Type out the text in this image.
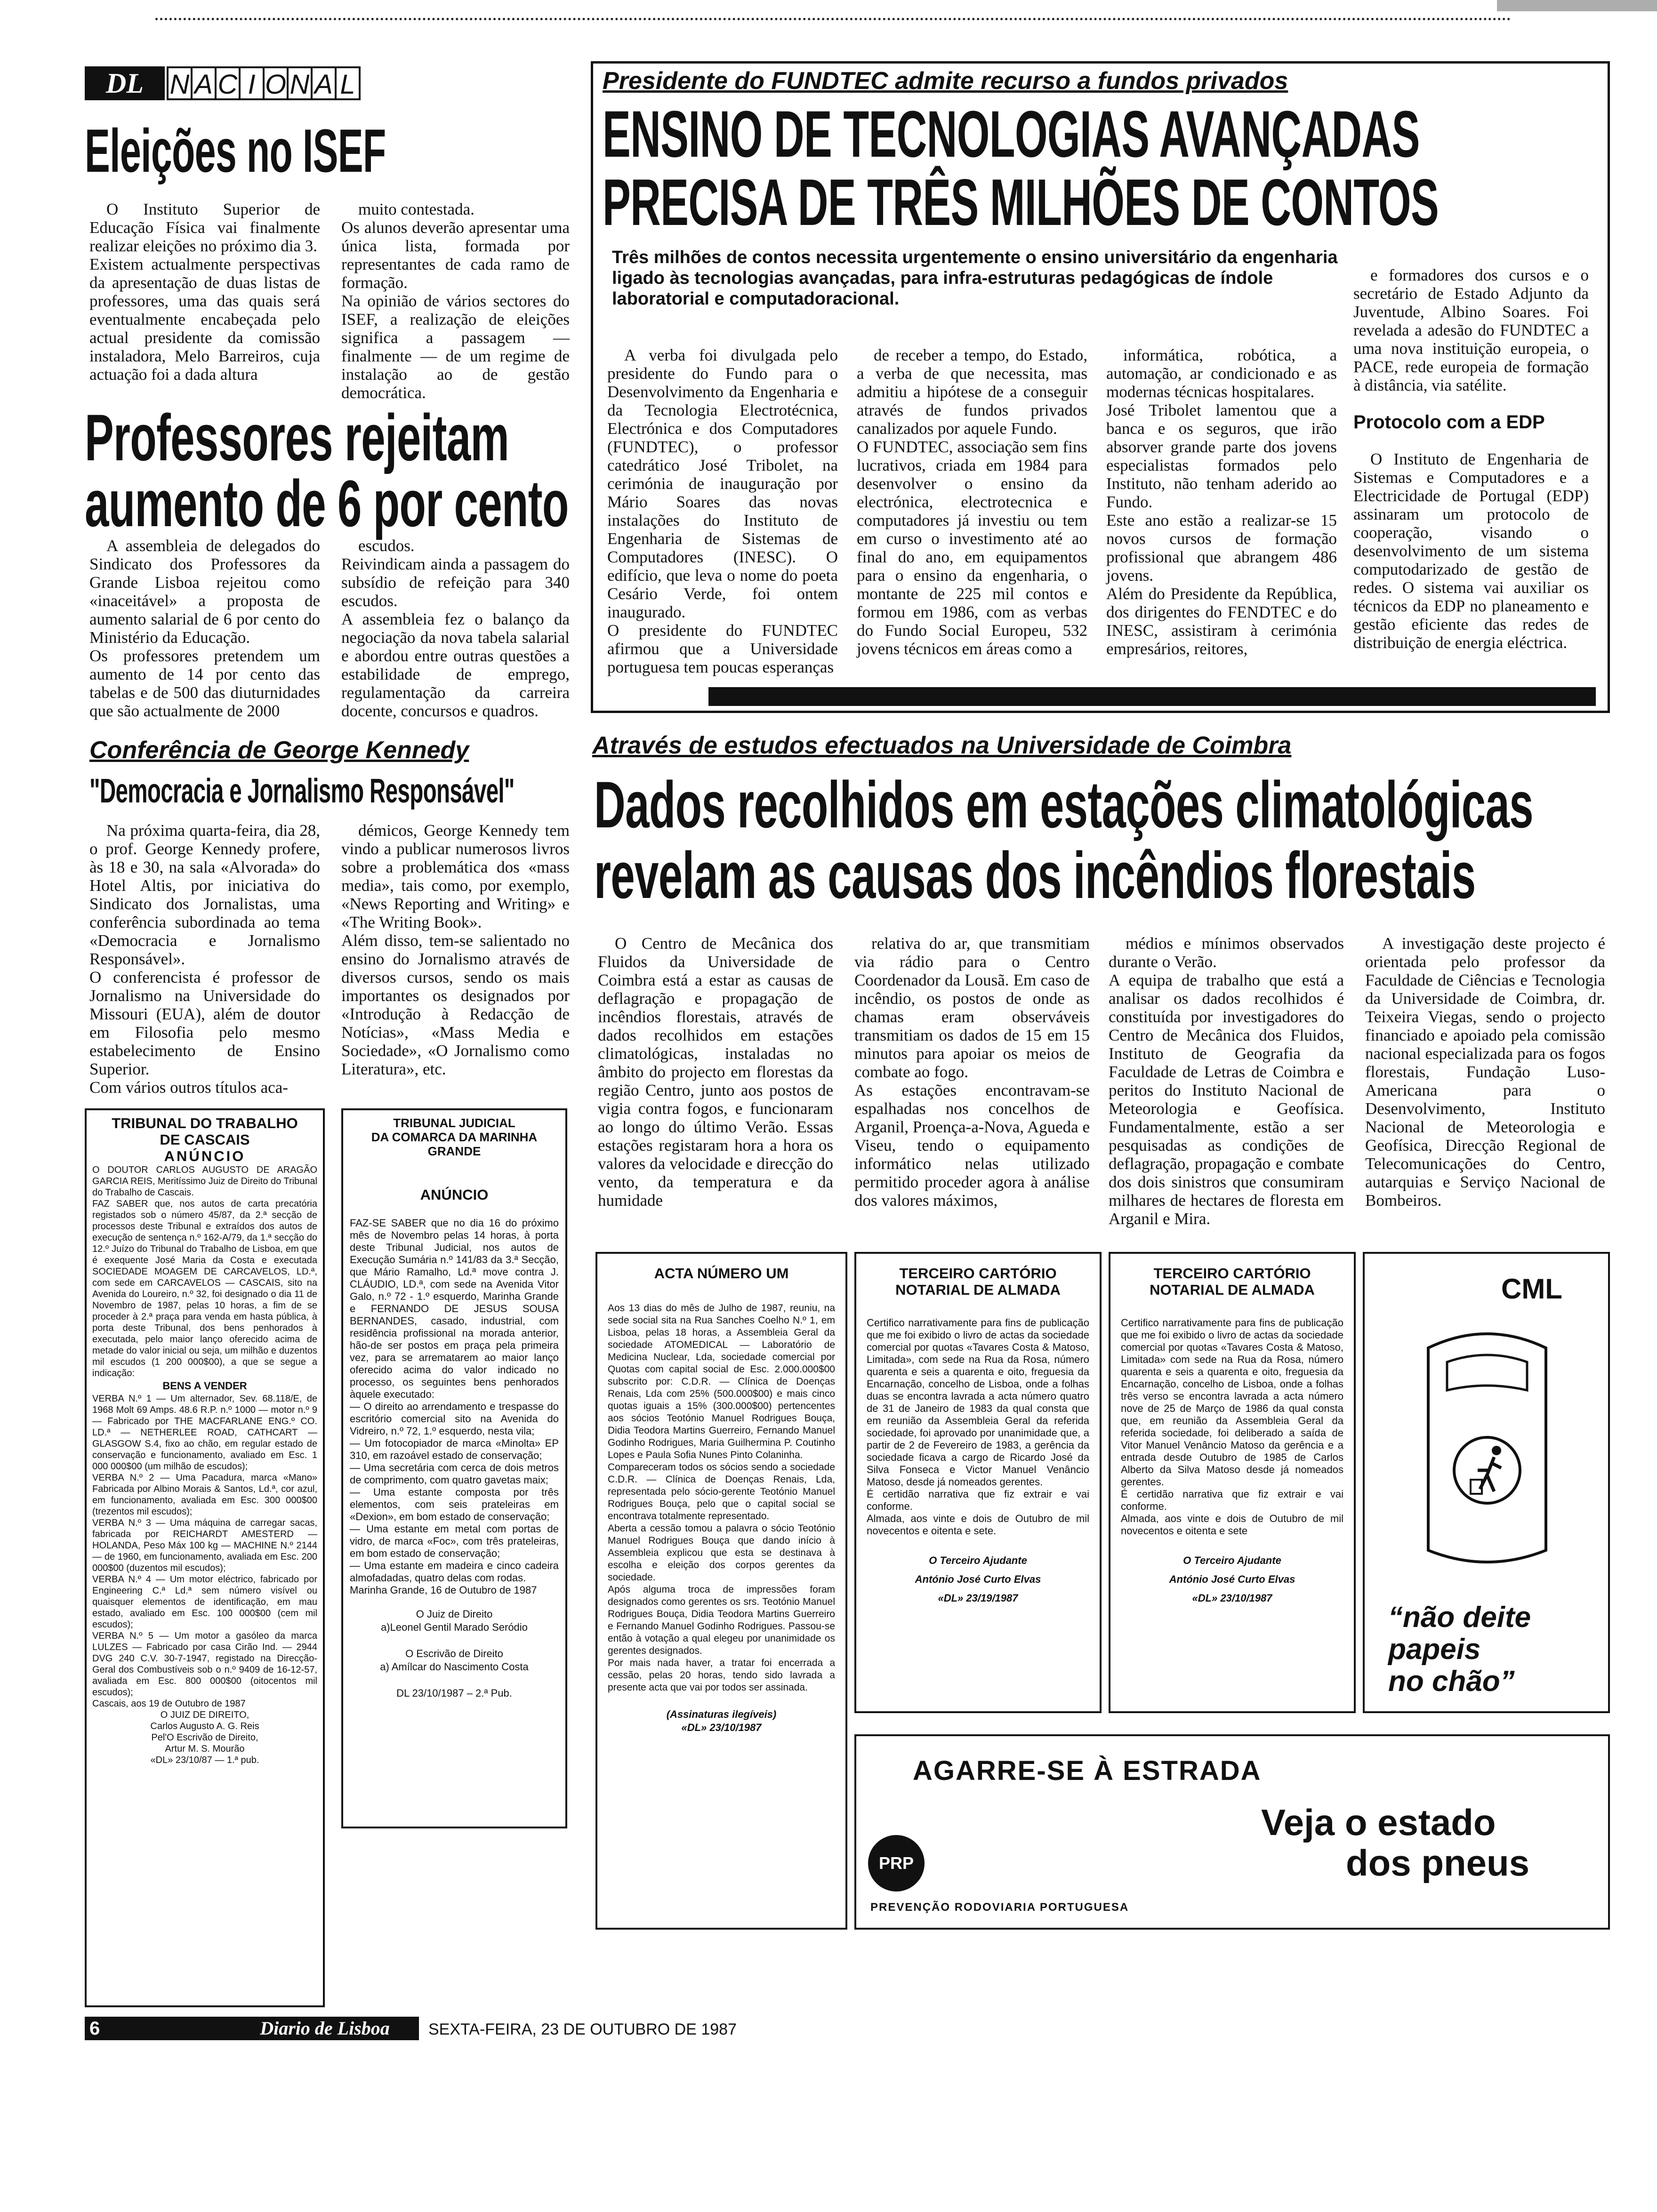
DL N A C I O N A L
Eleições no ISEF

O Instituto Superior de Educação Física vai finalmente realizar eleições no próximo dia 3.
Existem actualmente perspectivas da apresentação de duas listas de professores, uma das quais será eventualmente encabeçada pelo actual presidente da comissão instaladora, Melo Barreiros, cuja actuação foi a dada altura

muito contestada.
Os alunos deverão apresentar uma única lista, formada por representantes de cada ramo de formação.
Na opinião de vários sectores do ISEF, a realização de eleições significa a passagem — finalmente — de um regime de instalação ao de gestão democrática.

Professores rejeitam
aumento de 6 por cento

A assembleia de delegados do Sindicato dos Professores da Grande Lisboa rejeitou como «inaceitável» a proposta de aumento salarial de 6 por cento do Ministério da Educação.
Os professores pretendem um aumento de 14 por cento das tabelas e de 500 das diuturnidades que são actualmente de 2000

escudos.
Reivindicam ainda a passagem do subsídio de refeição para 340 escudos.
A assembleia fez o balanço da negociação da nova tabela salarial e abordou entre outras questões a estabilidade de emprego, regulamentação da carreira docente, concursos e quadros.

Conferência de George Kennedy
"Democracia e Jornalismo Responsável"

Na próxima quarta-feira, dia 28, o prof. George Kennedy profere, às 18 e 30, na sala «Alvorada» do Hotel Altis, por iniciativa do Sindicato dos Jornalistas, uma conferência subordinada ao tema «Democracia e Jornalismo Responsável».
O conferencista é professor de Jornalismo na Universidade do Missouri (EUA), além de doutor em Filosofia pelo mesmo estabelecimento de Ensino Superior.
Com vários outros títulos aca-

démicos, George Kennedy tem vindo a publicar numerosos livros sobre a problemática dos «mass media», tais como, por exemplo, «News Reporting and Writing» e «The Writing Book».
Além disso, tem-se salientado no ensino do Jornalismo através de diversos cursos, sendo os mais importantes os designados por «Introdução à Redacção de Notícias», «Mass Media e Sociedade», «O Jornalismo como Literatura», etc.

Presidente do FUNDTEC admite recurso a fundos privados
ENSINO DE TECNOLOGIAS AVANÇADAS
PRECISA DE TRÊS MILHÕES DE CONTOS
Três milhões de contos necessita urgentemente o ensino universitário da engenharia ligado às tecnologias avançadas, para infra-estruturas pedagógicas de índole laboratorial e computadoracional.

A verba foi divulgada pelo presidente do Fundo para o Desenvolvimento da Engenharia e da Tecnologia Electrotécnica, Electrónica e dos Computadores (FUNDTEC), o professor catedrático José Tribolet, na cerimónia de inauguração por Mário Soares das novas instalações do Instituto de Engenharia de Sistemas de Computadores (INESC). O edifício, que leva o nome do poeta Cesário Verde, foi ontem inaugurado.
O presidente do FUNDTEC afirmou que a Universidade portuguesa tem poucas esperanças

de receber a tempo, do Estado, a verba de que necessita, mas admitiu a hipótese de a conseguir através de fundos privados canalizados por aquele Fundo.
O FUNDTEC, associação sem fins lucrativos, criada em 1984 para desenvolver o ensino da electrónica, electrotecnica e computadores já investiu ou tem em curso o investimento até ao final do ano, em equipamentos para o ensino da engenharia, o montante de 225 mil contos e formou em 1986, com as verbas do Fundo Social Europeu, 532 jovens técnicos em áreas como a

informática, robótica, a automação, ar condicionado e as modernas técnicas hospitalares.
José Tribolet lamentou que a banca e os seguros, que irão absorver grande parte dos jovens especialistas formados pelo Instituto, não tenham aderido ao Fundo.
Este ano estão a realizar-se 15 novos cursos de formação profissional que abrangem 486 jovens.
Além do Presidente da República, dos dirigentes do FENDTEC e do INESC, assistiram à cerimónia empresários, reitores,

e formadores dos cursos e o secretário de Estado Adjunto da Juventude, Albino Soares. Foi revelada a adesão do FUNDTEC a uma nova instituição europeia, o PACE, rede europeia de formação à distância, via satélite.

Protocolo com a EDP

O Instituto de Engenharia de Sistemas e Computadores e a Electricidade de Portugal (EDP) assinaram um protocolo de cooperação, visando o desenvolvimento de um sistema computodarizado de gestão de redes. O sistema vai auxiliar os técnicos da EDP no planeamento e gestão eficiente das redes de distribuição de energia eléctrica.

Através de estudos efectuados na Universidade de Coimbra
Dados recolhidos em estações climatológicas
revelam as causas dos incêndios florestais

O Centro de Mecânica dos Fluidos da Universidade de Coimbra está a estar as causas de deflagração e propagação de incêndios florestais, através de dados recolhidos em estações climatológicas, instaladas no âmbito do projecto em florestas da região Centro, junto aos postos de vigia contra fogos, e funcionaram ao longo do último Verão. Essas estações registaram hora a hora os valores da velocidade e direcção do vento, da temperatura e da humidade

relativa do ar, que transmitiam via rádio para o Centro Coordenador da Lousã. Em caso de incêndio, os postos de onde as chamas eram observáveis transmitiam os dados de 15 em 15 minutos para apoiar os meios de combate ao fogo.
As estações encontravam-se espalhadas nos concelhos de Arganil, Proença-a-Nova, Agueda e Viseu, tendo o equipamento informático nelas utilizado permitido proceder agora à análise dos valores máximos,

médios e mínimos observados durante o Verão.
A equipa de trabalho que está a analisar os dados recolhidos é constituída por investigadores do Centro de Mecânica dos Fluidos, Instituto de Geografia da Faculdade de Letras de Coimbra e peritos do Instituto Nacional de Meteorologia e Geofísica. Fundamentalmente, estão a ser pesquisadas as condições de deflagração, propagação e combate dos dois sinistros que consumiram milhares de hectares de floresta em Arganil e Mira.

A investigação deste projecto é orientada pelo professor da Faculdade de Ciências e Tecnologia da Universidade de Coimbra, dr. Teixeira Viegas, sendo o projecto financiado e apoiado pela comissão nacional especializada para os fogos florestais, Fundação Luso-Americana para o Desenvolvimento, Instituto Nacional de Meteorologia e Geofísica, Direcção Regional de Telecomunicações do Centro, autarquias e Serviço Nacional de Bombeiros.

TRIBUNAL DO TRABALHO
DE CASCAIS
ANÚNCIO
O DOUTOR CARLOS AUGUSTO DE ARAGÃO GARCIA REIS, Meritíssimo Juiz de Direito do Tribunal do Trabalho de Cascais.
FAZ SABER que, nos autos de carta precatória registados sob o número 45/87, da 2.ª secção de processos deste Tribunal e extraídos dos autos de execução de sentença n.º 162-A/79, da 1.ª secção do 12.º Juízo do Tribunal do Trabalho de Lisboa, em que é exequente José Maria da Costa e executada SOCIEDADE MOAGEM DE CARCAVELOS, LD.ª, com sede em CARCAVELOS — CASCAIS, sito na Avenida do Loureiro, n.º 32, foi designado o dia 11 de Novembro de 1987, pelas 10 horas, a fim de se proceder à 2.ª praça para venda em hasta pública, à porta deste Tribunal, dos bens penhorados à executada, pelo maior lanço oferecido acima de metade do valor inicial ou seja, um milhão e duzentos mil escudos (1 200 000$00), a que se segue a indicação:
BENS A VENDER
VERBA N.º 1 — Um alternador, Sev. 68.118/E, de 1968 Molt 69 Amps. 48.6 R.P. n.º 1000 — motor n.º 9 — Fabricado por THE MACFARLANE ENG.º CO. LD.ª — NETHERLEE ROAD, CATHCART — GLASGOW S.4, fixo ao chão, em regular estado de conservação e funcionamento, avaliado em Esc. 1 000 000$00 (um milhão de escudos);
VERBA N.º 2 — Uma Pacadura, marca «Mano» Fabricada por Albino Morais & Santos, Ld.ª, cor azul, em funcionamento, avaliada em Esc. 300 000$00 (trezentos mil escudos);
VERBA N.º 3 — Uma máquina de carregar sacas, fabricada por REICHARDT AMESTERD — HOLANDA, Peso Máx 100 kg — MACHINE N.º 2144 — de 1960, em funcionamento, avaliada em Esc. 200 000$00 (duzentos mil escudos);
VERBA N.º 4 — Um motor eléctrico, fabricado por Engineering C.ª Ld.ª sem número visível ou quaisquer elementos de identificação, em mau estado, avaliado em Esc. 100 000$00 (cem mil escudos);
VERBA N.º 5 — Um motor a gasóleo da marca LULZES — Fabricado por casa Cirão Ind. — 2944 DVG 240 C.V. 30-7-1947, registado na Direcção-Geral dos Combustíveis sob o n.º 9409 de 16-12-57, avaliada em Esc. 800 000$00 (oitocentos mil escudos);
Cascais, aos 19 de Outubro de 1987
O JUIZ DE DIREITO,
Carlos Augusto A. G. Reis
Pel'O Escrivão de Direito,
Artur M. S. Mourão
«DL» 23/10/87 — 1.ª pub.
TRIBUNAL JUDICIAL
DA COMARCA DA MARINHA
GRANDE
ANÚNCIO
FAZ-SE SABER que no dia 16 do próximo mês de Novembro pelas 14 horas, à porta deste Tribunal Judicial, nos autos de Execução Sumária n.º 141/83 da 3.ª Secção, que Mário Ramalho, Ld.ª move contra J. CLÁUDIO, LD.ª, com sede na Avenida Vitor Galo, n.º 72 - 1.º esquerdo, Marinha Grande e FERNANDO DE JESUS SOUSA BERNANDES, casado, industrial, com residência profissional na morada anterior, hão-de ser postos em praça pela primeira vez, para se arrematarem ao maior lanço oferecido acima do valor indicado no processo, os seguintes bens penhorados àquele executado:
— O direito ao arrendamento e trespasse do escritório comercial sito na Avenida do Vidreiro, n.º 72, 1.º esquerdo, nesta vila;
— Um fotocopiador de marca «Minolta» EP 310, em razoável estado de conservação;
— Uma secretária com cerca de dois metros de comprimento, com quatro gavetas maix;
— Uma estante composta por três elementos, com seis prateleiras em «Dexion», em bom estado de conservação;
— Uma estante em metal com portas de vidro, de marca «Foc», com três prateleiras, em bom estado de conservação;
— Uma estante em madeira e cinco cadeira almofadadas, quatro delas com rodas.
Marinha Grande, 16 de Outubro de 1987
O Juiz de Direito
a)Leonel Gentil Marado Seródio

O Escrivão de Direito
a) Amílcar do Nascimento Costa

DL 23/10/1987 – 2.ª Pub.
ACTA NÚMERO UM
Aos 13 dias do mês de Julho de 1987, reuniu, na sede social sita na Rua Sanches Coelho N.º 1, em Lisboa, pelas 18 horas, a Assembleia Geral da sociedade ATOMEDICAL — Laboratório de Medicina Nuclear, Lda, sociedade comercial por Quotas com capital social de Esc. 2.000.000$00 subscrito por: C.D.R. — Clínica de Doenças Renais, Lda com 25% (500.000$00) e mais cinco quotas iguais a 15% (300.000$00) pertencentes aos sócios Teotónio Manuel Rodrigues Bouça, Didia Teodora Martins Guerreiro, Fernando Manuel Godinho Rodrigues, Maria Guilhermina P. Coutinho Lopes e Paula Sofia Nunes Pinto Colaninha.
Compareceram todos os sócios sendo a sociedade C.D.R. — Clínica de Doenças Renais, Lda, representada pelo sócio-gerente Teotónio Manuel Rodrigues Bouça, pelo que o capital social se encontrava totalmente representado.
Aberta a cessão tomou a palavra o sócio Teotónio Manuel Rodrigues Bouça que dando início à Assembleia explicou que esta se destinava à escolha e eleição dos corpos gerentes da sociedade.
Após alguma troca de impressões foram designados como gerentes os srs. Teotónio Manuel Rodrigues Bouça, Didia Teodora Martins Guerreiro e Fernando Manuel Godinho Rodrigues. Passou-se então à votação a qual elegeu por unanimidade os gerentes designados.
Por mais nada haver, a tratar foi encerrada a cessão, pelas 20 horas, tendo sido lavrada a presente acta que vai por todos ser assinada.
(Assinaturas ilegíveis)
«DL» 23/10/1987
TERCEIRO CARTÓRIO
NOTARIAL DE ALMADA
Certifico narrativamente para fins de publicação que me foi exibido o livro de actas da sociedade comercial por quotas «Tavares Costa & Matoso, Limitada», com sede na Rua da Rosa, número quarenta e seis a quarenta e oito, freguesia da Encarnação, concelho de Lisboa, onde a folhas duas se encontra lavrada a acta número quatro de 31 de Janeiro de 1983 da qual consta que em reunião da Assembleia Geral da referida sociedade, foi aprovado por unanimidade que, a partir de 2 de Fevereiro de 1983, a gerência da sociedade ficava a cargo de Ricardo José da Silva Fonseca e Victor Manuel Venâncio Matoso, desde já nomeados gerentes.
É certidão narrativa que fiz extrair e vai conforme.
Almada, aos vinte e dois de Outubro de mil novecentos e oitenta e sete.
O Terceiro Ajudante
António José Curto Elvas
«DL» 23/19/1987
TERCEIRO CARTÓRIO
NOTARIAL DE ALMADA
Certifico narrativamente para fins de publicação que me foi exibido o livro de actas da sociedade comercial por quotas «Tavares Costa & Matoso, Limitada» com sede na Rua da Rosa, número quarenta e seis a quarenta e oito, freguesia da Encarnação, concelho de Lisboa, onde a folhas três verso se encontra lavrada a acta número nove de 25 de Março de 1986 da qual consta que, em reunião da Assembleia Geral da referida sociedade, foi deliberado a saída de Vitor Manuel Venâncio Matoso da gerência e a entrada desde Outubro de 1985 de Carlos Alberto da Silva Matoso desde já nomeados gerentes.
É certidão narrativa que fiz extrair e vai conforme.
Almada, aos vinte e dois de Outubro de mil novecentos e oitenta e sete
O Terceiro Ajudante
António José Curto Elvas
«DL» 23/10/1987
CML
“não deite
papeis
no chão”
AGARRE-SE À ESTRADA
Veja o estado
dos pneus
PRP
PREVENÇÃO RODOVIARIA PORTUGUESA
6	Diario de Lisboa	SEXTA-FEIRA, 23 DE OUTUBRO DE 1987
